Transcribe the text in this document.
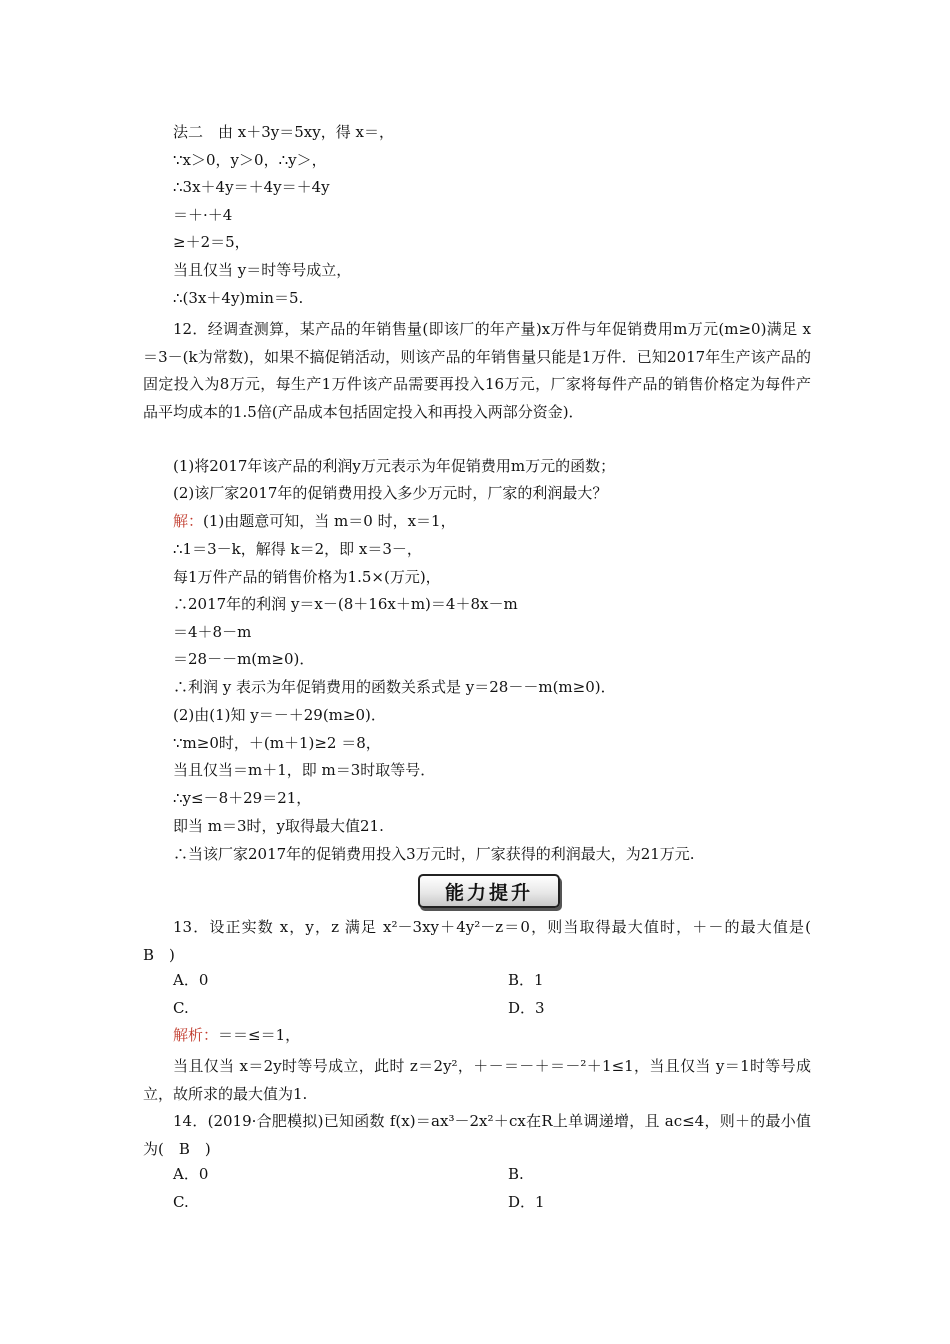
法二　由 x＋3y＝5xy，得 x＝，
∵x＞0，y＞0，∴y＞，
∴3x＋4y＝＋4y＝＋4y
＝＋·＋4
≥＋2＝5，
当且仅当 y＝时等号成立，
∴(3x＋4y)min＝5.
12．经调查测算，某产品的年销售量(即该厂的年产量)x万件与年促销费用m万元(m≥0)满足 x＝3－(k为常数)，如果不搞促销活动，则该产品的年销售量只能是1万件．已知2017年生产该产品的固定投入为8万元，每生产1万件该产品需要再投入16万元，厂家将每件产品的销售价格定为每件产品平均成本的1.5倍(产品成本包括固定投入和再投入两部分资金)．
(1)将2017年该产品的利润y万元表示为年促销费用m万元的函数；
(2)该厂家2017年的促销费用投入多少万元时，厂家的利润最大？
解：(1)由题意可知，当 m＝0 时，x＝1，
∴1＝3－k，解得 k＝2，即 x＝3－，
每1万件产品的销售价格为1.5×(万元)，
∴2017年的利润 y＝x－(8＋16x＋m)＝4＋8x－m
＝4＋8－m
＝28－－m(m≥0)．
∴利润 y 表示为年促销费用的函数关系式是 y＝28－－m(m≥0)．
(2)由(1)知 y＝－＋29(m≥0)．
∵m≥0时，＋(m＋1)≥2 ＝8，
当且仅当＝m＋1，即 m＝3时取等号．
∴y≤－8＋29＝21，
即当 m＝3时，y取得最大值21.
∴当该厂家2017年的促销费用投入3万元时，厂家获得的利润最大，为21万元.
能力提升
13．设正实数 x，y，z 满足 x²－3xy＋4y²－z＝0，则当取得最大值时，＋－的最大值是(　B　)
A．0	B．1
C.	D．3
解析：＝＝≤＝1，
当且仅当 x＝2y时等号成立，此时 z＝2y²，＋－＝－＋＝－²＋1≤1，当且仅当 y＝1时等号成立，故所求的最大值为1.
14．(2019·合肥模拟)已知函数 f(x)＝ax³－2x²＋cx在R上单调递增，且 ac≤4，则＋的最小值为(　B　)
A．0	B.
C.	D．1
